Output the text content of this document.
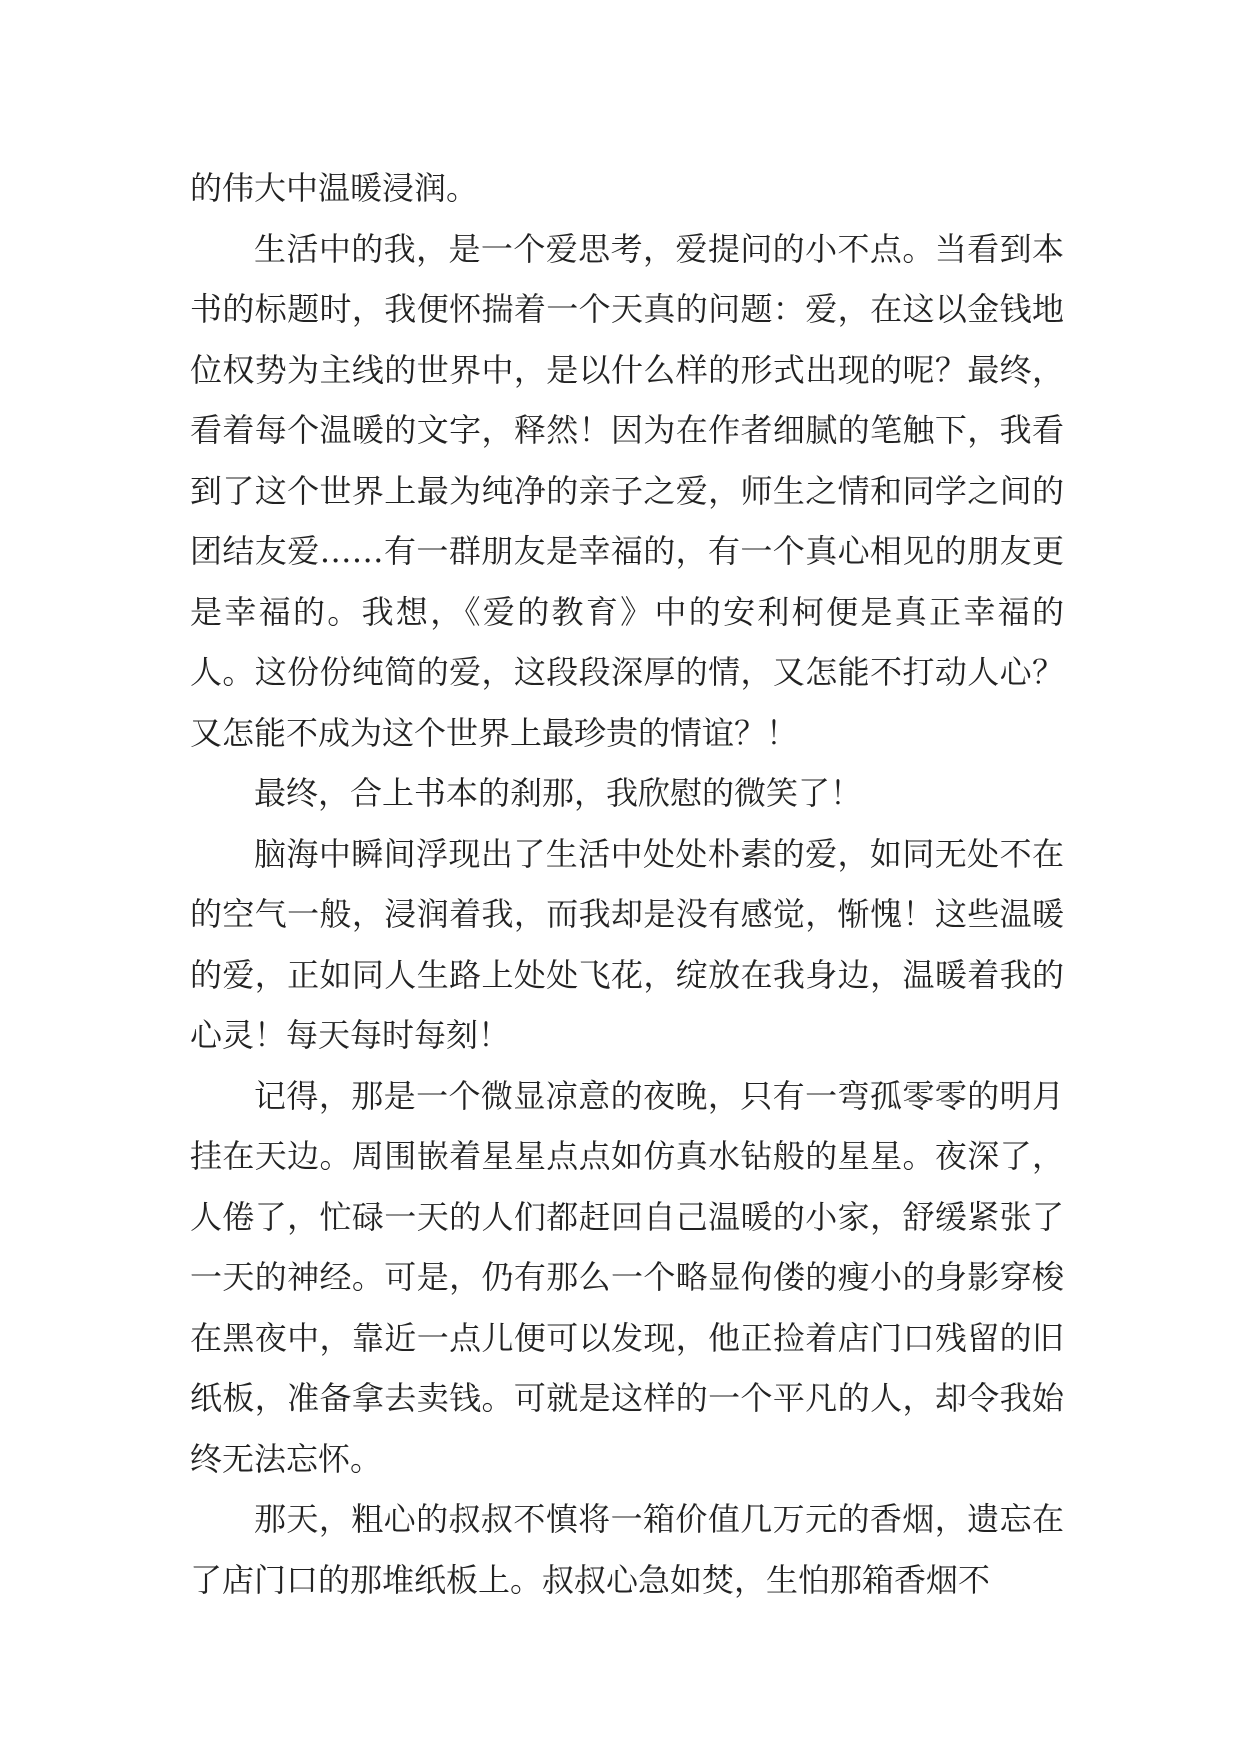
的伟大中温暖浸润。

生活中的我，是一个爱思考，爱提问的小不点。当看到本书的标题时，我便怀揣着一个天真的问题：爱，在这以金钱地位权势为主线的世界中，是以什么样的形式出现的呢？最终，看着每个温暖的文字，释然！因为在作者细腻的笔触下，我看到了这个世界上最为纯净的亲子之爱，师生之情和同学之间的团结友爱……有一群朋友是幸福的，有一个真心相见的朋友更是幸福的。我想，《爱的教育》中的安利柯便是真正幸福的人。这份份纯简的爱，这段段深厚的情，又怎能不打动人心？又怎能不成为这个世界上最珍贵的情谊？！

最终，合上书本的刹那，我欣慰的微笑了！

脑海中瞬间浮现出了生活中处处朴素的爱，如同无处不在的空气一般，浸润着我，而我却是没有感觉，惭愧！这些温暖的爱，正如同人生路上处处飞花，绽放在我身边，温暖着我的心灵！每天每时每刻！

记得，那是一个微显凉意的夜晚，只有一弯孤零零的明月挂在天边。周围嵌着星星点点如仿真水钻般的星星。夜深了，人倦了，忙碌一天的人们都赶回自己温暖的小家，舒缓紧张了一天的神经。可是，仍有那么一个略显佝偻的瘦小的身影穿梭在黑夜中，靠近一点儿便可以发现，他正捡着店门口残留的旧纸板，准备拿去卖钱。可就是这样的一个平凡的人，却令我始终无法忘怀。

那天，粗心的叔叔不慎将一箱价值几万元的香烟，遗忘在了店门口的那堆纸板上。叔叔心急如焚，生怕那箱香烟不
